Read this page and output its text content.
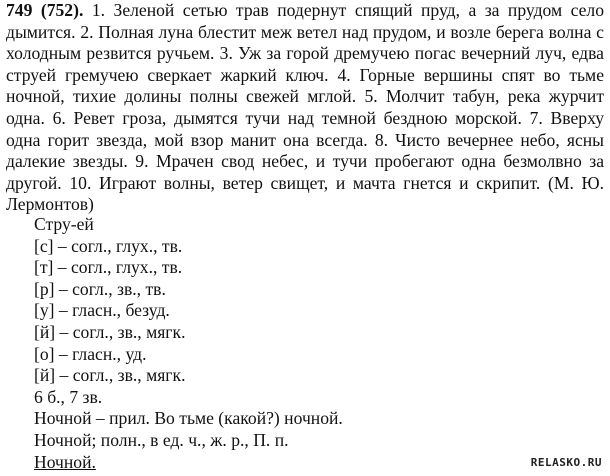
749 (752). 1. Зеленой сетью трав подернут спящий пруд, а за прудом село дымится. 2. Полная луна блестит меж ветел над прудом, и возле берега волна с холодным резвится ручьем. 3. Уж за горой дремучею погас вечерний луч, едва струей гремучею сверкает жаркий ключ. 4. Горные вершины спят во тьме ночной, тихие долины полны свежей мглой. 5. Молчит табун, река журчит одна. 6. Ревет гроза, дымятся тучи над темной бездною морской. 7. Вверху одна горит звезда, мой взор манит она всегда. 8. Чисто вечернее небо, ясны далекие звезды. 9. Мрачен свод небес, и тучи пробегают одна безмолвно за другой. 10. Играют волны, ветер свищет, и мачта гнется и скрипит. (М. Ю. Лермонтов)

Стру-ей
[с] – согл., глух., тв.
[т] – согл., глух., тв.
[р] – согл., зв., тв.
[у] – гласн., безуд.
[й] – согл., зв., мягк.
[о] – гласн., уд.
[й] – согл., зв., мягк.
6 б., 7 зв.
Ночной – прил. Во тьме (какой?) ночной.
Ночной; полн., в ед. ч., ж. р., П. п.
Ночной.	RELASKO.RU
